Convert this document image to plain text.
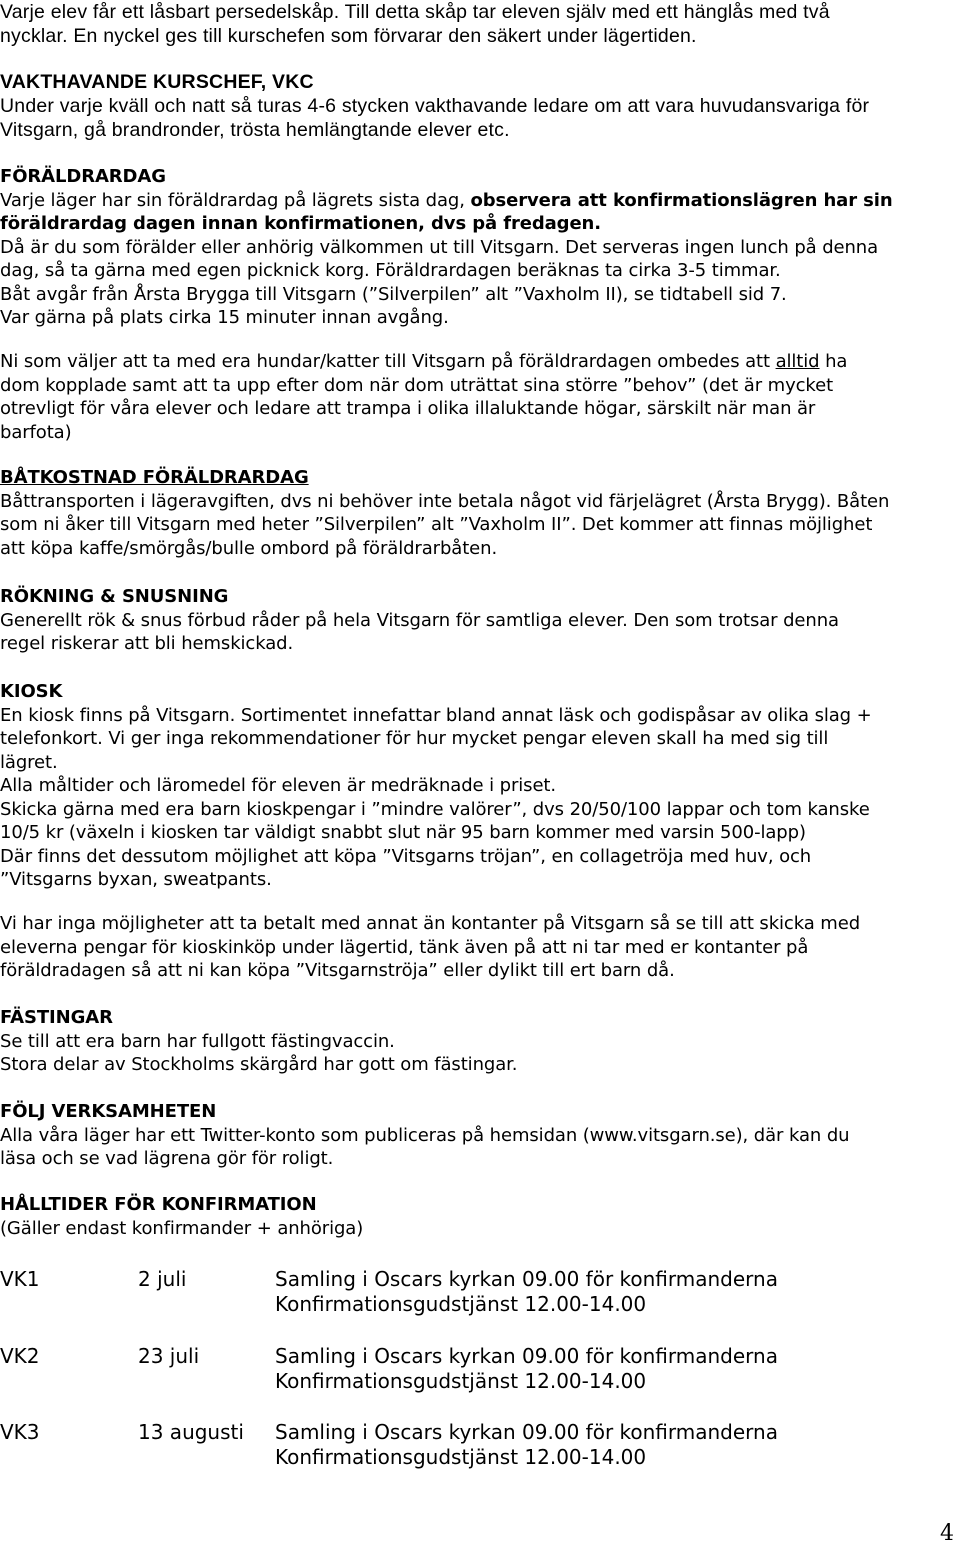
Varje elev får ett låsbart persedelskåp. Till detta skåp tar eleven själv med ett hänglås med två

nycklar. En nyckel ges till kurschefen som förvarar den säkert under lägertiden.

VAKTHAVANDE KURSCHEF, VKC

Under varje kväll och natt så turas 4-6 stycken vakthavande ledare om att vara huvudansvariga för

Vitsgarn, gå brandronder, trösta hemlängtande elever etc.

FÖRÄLDRARDAG

Varje läger har sin föräldrardag på lägrets sista dag, observera att konfirmationslägren har sin

föräldrardag dagen innan konfirmationen, dvs på fredagen.

Då är du som förälder eller anhörig välkommen ut till Vitsgarn. Det serveras ingen lunch på denna

dag, så ta gärna med egen picknick korg. Föräldrardagen beräknas ta cirka 3-5 timmar.

Båt avgår från Årsta Brygga till Vitsgarn (”Silverpilen” alt ”Vaxholm II), se tidtabell sid 7.

Var gärna på plats cirka 15 minuter innan avgång.

Ni som väljer att ta med era hundar/katter till Vitsgarn på föräldrardagen ombedes att alltid ha

dom kopplade samt att ta upp efter dom när dom uträttat sina större ”behov” (det är mycket

otrevligt för våra elever och ledare att trampa i olika illaluktande högar, särskilt när man är

barfota)

BÅTKOSTNAD FÖRÄLDRARDAG

Båttransporten i lägeravgiften, dvs ni behöver inte betala något vid färjelägret (Årsta Brygg). Båten

som ni åker till Vitsgarn med heter ”Silverpilen” alt ”Vaxholm II”. Det kommer att finnas möjlighet

att köpa kaffe/smörgås/bulle ombord på föräldrarbåten.

RÖKNING & SNUSNING

Generellt rök & snus förbud råder på hela Vitsgarn för samtliga elever. Den som trotsar denna

regel riskerar att bli hemskickad.

KIOSK

En kiosk finns på Vitsgarn. Sortimentet innefattar bland annat läsk och godispåsar av olika slag +

telefonkort. Vi ger inga rekommendationer för hur mycket pengar eleven skall ha med sig till

lägret.

Alla måltider och läromedel för eleven är medräknade i priset.

Skicka gärna med era barn kioskpengar i ”mindre valörer”, dvs 20/50/100 lappar och tom kanske

10/5 kr (växeln i kiosken tar väldigt snabbt slut när 95 barn kommer med varsin 500-lapp)

Där finns det dessutom möjlighet att köpa ”Vitsgarns tröjan”, en collagetröja med huv, och

”Vitsgarns byxan, sweatpants.

Vi har inga möjligheter att ta betalt med annat än kontanter på Vitsgarn så se till att skicka med

eleverna pengar för kioskinköp under lägertid, tänk även på att ni tar med er kontanter på

föräldradagen så att ni kan köpa ”Vitsgarnströja” eller dylikt till ert barn då.

FÄSTINGAR

Se till att era barn har fullgott fästingvaccin.

Stora delar av Stockholms skärgård har gott om fästingar.

FÖLJ VERKSAMHETEN

Alla våra läger har ett Twitter-konto som publiceras på hemsidan (www.vitsgarn.se), där kan du

läsa och se vad lägrena gör för roligt.

HÅLLTIDER FÖR KONFIRMATION

(Gäller endast konfirmander + anhöriga)

VK1	2 juli	Samling i Oscars kyrkan 09.00 för konfirmanderna
Konfirmationsgudstjänst 12.00-14.00
VK2	23 juli	Samling i Oscars kyrkan 09.00 för konfirmanderna
Konfirmationsgudstjänst 12.00-14.00
VK3	13 augusti Samling i Oscars kyrkan 09.00 för konfirmanderna
Konfirmationsgudstjänst 12.00-14.00
4
